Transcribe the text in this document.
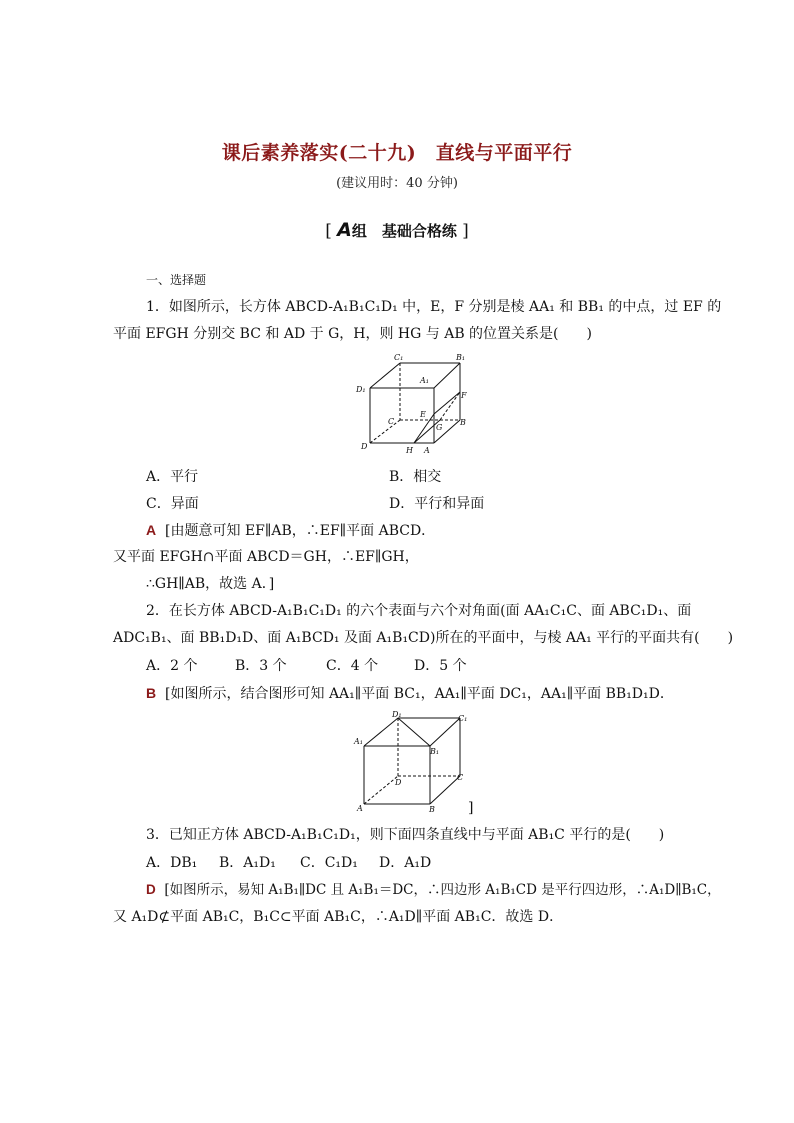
课后素养落实(二十九)　直线与平面平行
(建议用时：40 分钟)
[ A组　基础合格练 ]
一、选择题
1．如图所示，长方体 ABCD-A₁B₁C₁D₁ 中，E，F 分别是棱 AA₁ 和 BB₁ 的中点，过 EF 的
平面 EFGH 分别交 BC 和 AD 于 G，H，则 HG 与 AB 的位置关系是(　　)
C₁	B₁
D₁
A₁
F
E
C	B
G
D	H A
A．平行	B．相交
C．异面	D．平行和异面
A [由题意可知 EF∥AB，∴EF∥平面 ABCD．
又平面 EFGH∩平面 ABCD＝GH，∴EF∥GH，
∴GH∥AB，故选 A．]
2．在长方体 ABCD-A₁B₁C₁D₁ 的六个表面与六个对角面(面 AA₁C₁C、面 ABC₁D₁、面
ADC₁B₁、面 BB₁D₁D、面 A₁BCD₁ 及面 A₁B₁CD)所在的平面中，与棱 AA₁ 平行的平面共有(　　)
A．2 个	B．3 个	C．4 个	D．5 个
B [如图所示，结合图形可知 AA₁∥平面 BC₁，AA₁∥平面 DC₁，AA₁∥平面 BB₁D₁D．
D₁	C₁
A₁
B₁
D
C
A	B ]
3．已知正方体 ABCD-A₁B₁C₁D₁，则下面四条直线中与平面 AB₁C 平行的是(　　)
A．DB₁ B．A₁D₁ C．C₁D₁ D．A₁D
D [如图所示，易知 A₁B₁∥DC 且 A₁B₁＝DC，∴四边形 A₁B₁CD 是平行四边形，∴A₁D∥B₁C，
又 A₁D⊄平面 AB₁C，B₁C⊂平面 AB₁C，∴A₁D∥平面 AB₁C．故选 D．
